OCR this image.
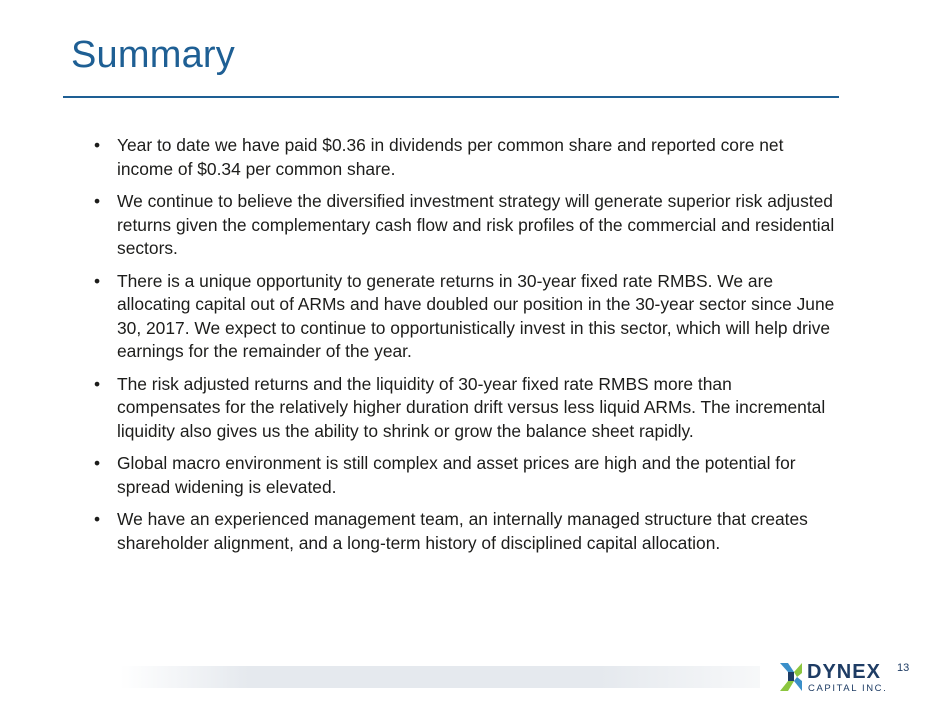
Summary
• Year to date we have paid $0.36 in dividends per common share and reported core net income of $0.34 per common share.
• We continue to believe the diversified investment strategy will generate superior risk adjusted returns given the complementary cash flow and risk profiles of the commercial and residential sectors.
• There is a unique opportunity to generate returns in 30-year fixed rate RMBS. We are allocating capital out of ARMs and have doubled our position in the 30-year sector since June 30, 2017. We expect to continue to opportunistically invest in this sector, which will help drive earnings for the remainder of the year.
• The risk adjusted returns and the liquidity of 30-year fixed rate RMBS more than compensates for the relatively higher duration drift versus less liquid ARMs. The incremental liquidity also gives us the ability to shrink or grow the balance sheet rapidly.
• Global macro environment is still complex and asset prices are high and the potential for spread widening is elevated.
• We have an experienced management team, an internally managed structure that creates shareholder alignment, and a long-term history of disciplined capital allocation.
DYNEX
CAPITAL INC.
13
